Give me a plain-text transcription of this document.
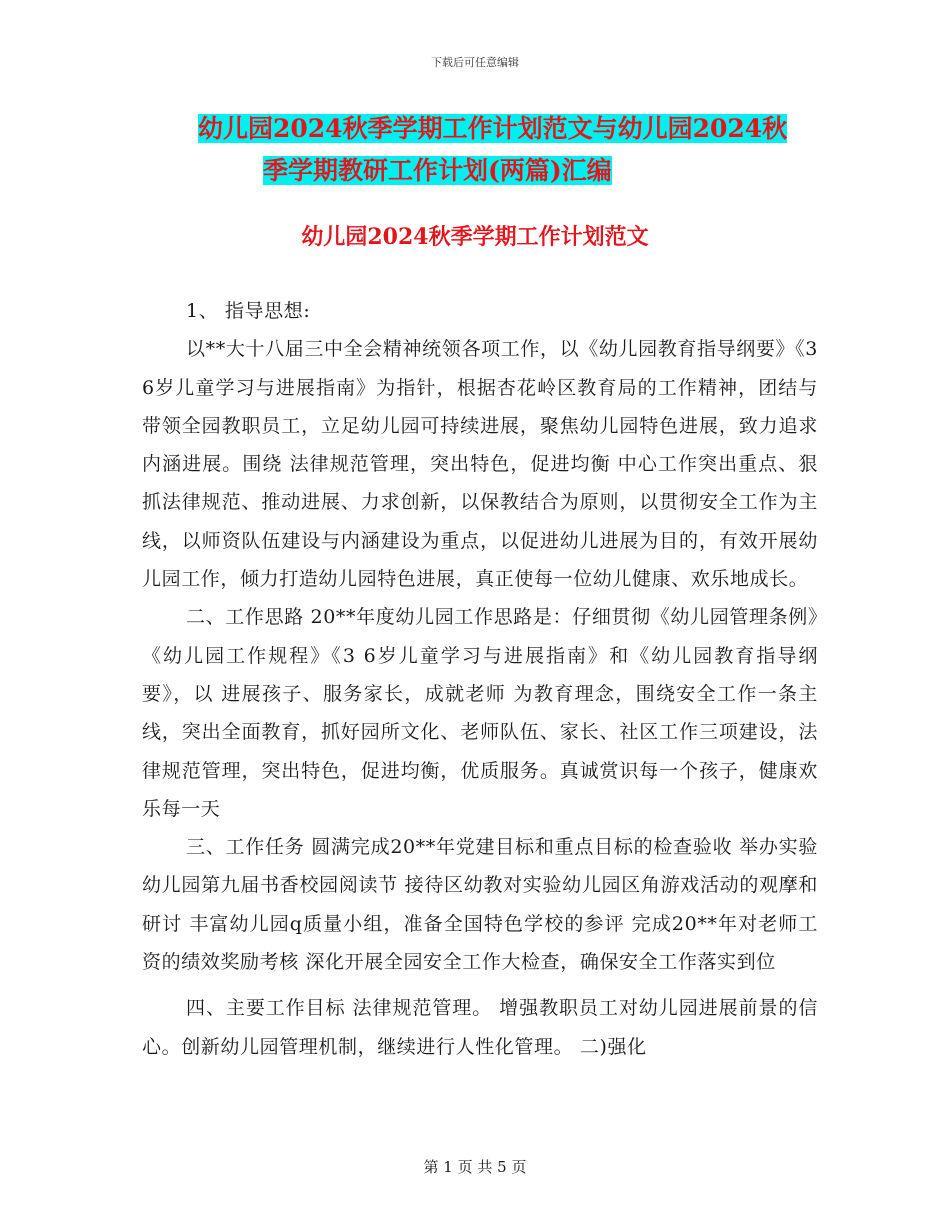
下载后可任意编辑
幼儿园2024秋季学期工作计划范文与幼儿园2024秋
季学期教研工作计划(两篇)汇编
幼儿园2024秋季学期工作计划范文

1、 指导思想:

以**大十八届三中全会精神统领各项工作，以《幼儿园教育指导纲要》《3 6岁儿童学习与进展指南》为指针，根据杏花岭区教育局的工作精神，团结与带领全园教职员工，立足幼儿园可持续进展，聚焦幼儿园特色进展，致力追求内涵进展。围绕 法律规范管理，突出特色，促进均衡 中心工作突出重点、狠抓法律规范、推动进展、力求创新，以保教结合为原则，以贯彻安全工作为主线，以师资队伍建设与内涵建设为重点，以促进幼儿进展为目的，有效开展幼儿园工作，倾力打造幼儿园特色进展，真正使每一位幼儿健康、欢乐地成长。

二、工作思路 20**年度幼儿园工作思路是：仔细贯彻《幼儿园管理条例》《幼儿园工作规程》《3 6岁儿童学习与进展指南》和《幼儿园教育指导纲要》，以 进展孩子、服务家长，成就老师 为教育理念，围绕安全工作一条主线，突出全面教育，抓好园所文化、老师队伍、家长、社区工作三项建设，法律规范管理，突出特色，促进均衡，优质服务。真诚赏识每一个孩子，健康欢乐每一天

三、工作任务 圆满完成20**年党建目标和重点目标的检查验收 举办实验幼儿园第九届书香校园阅读节 接待区幼教对实验幼儿园区角游戏活动的观摩和研讨 丰富幼儿园q质量小组，准备全国特色学校的参评 完成20**年对老师工资的绩效奖励考核 深化开展全园安全工作大检查，确保安全工作落实到位

四、主要工作目标 法律规范管理。 增强教职员工对幼儿园进展前景的信心。创新幼儿园管理机制，继续进行人性化管理。 二)强化

第 1 页 共 5 页
